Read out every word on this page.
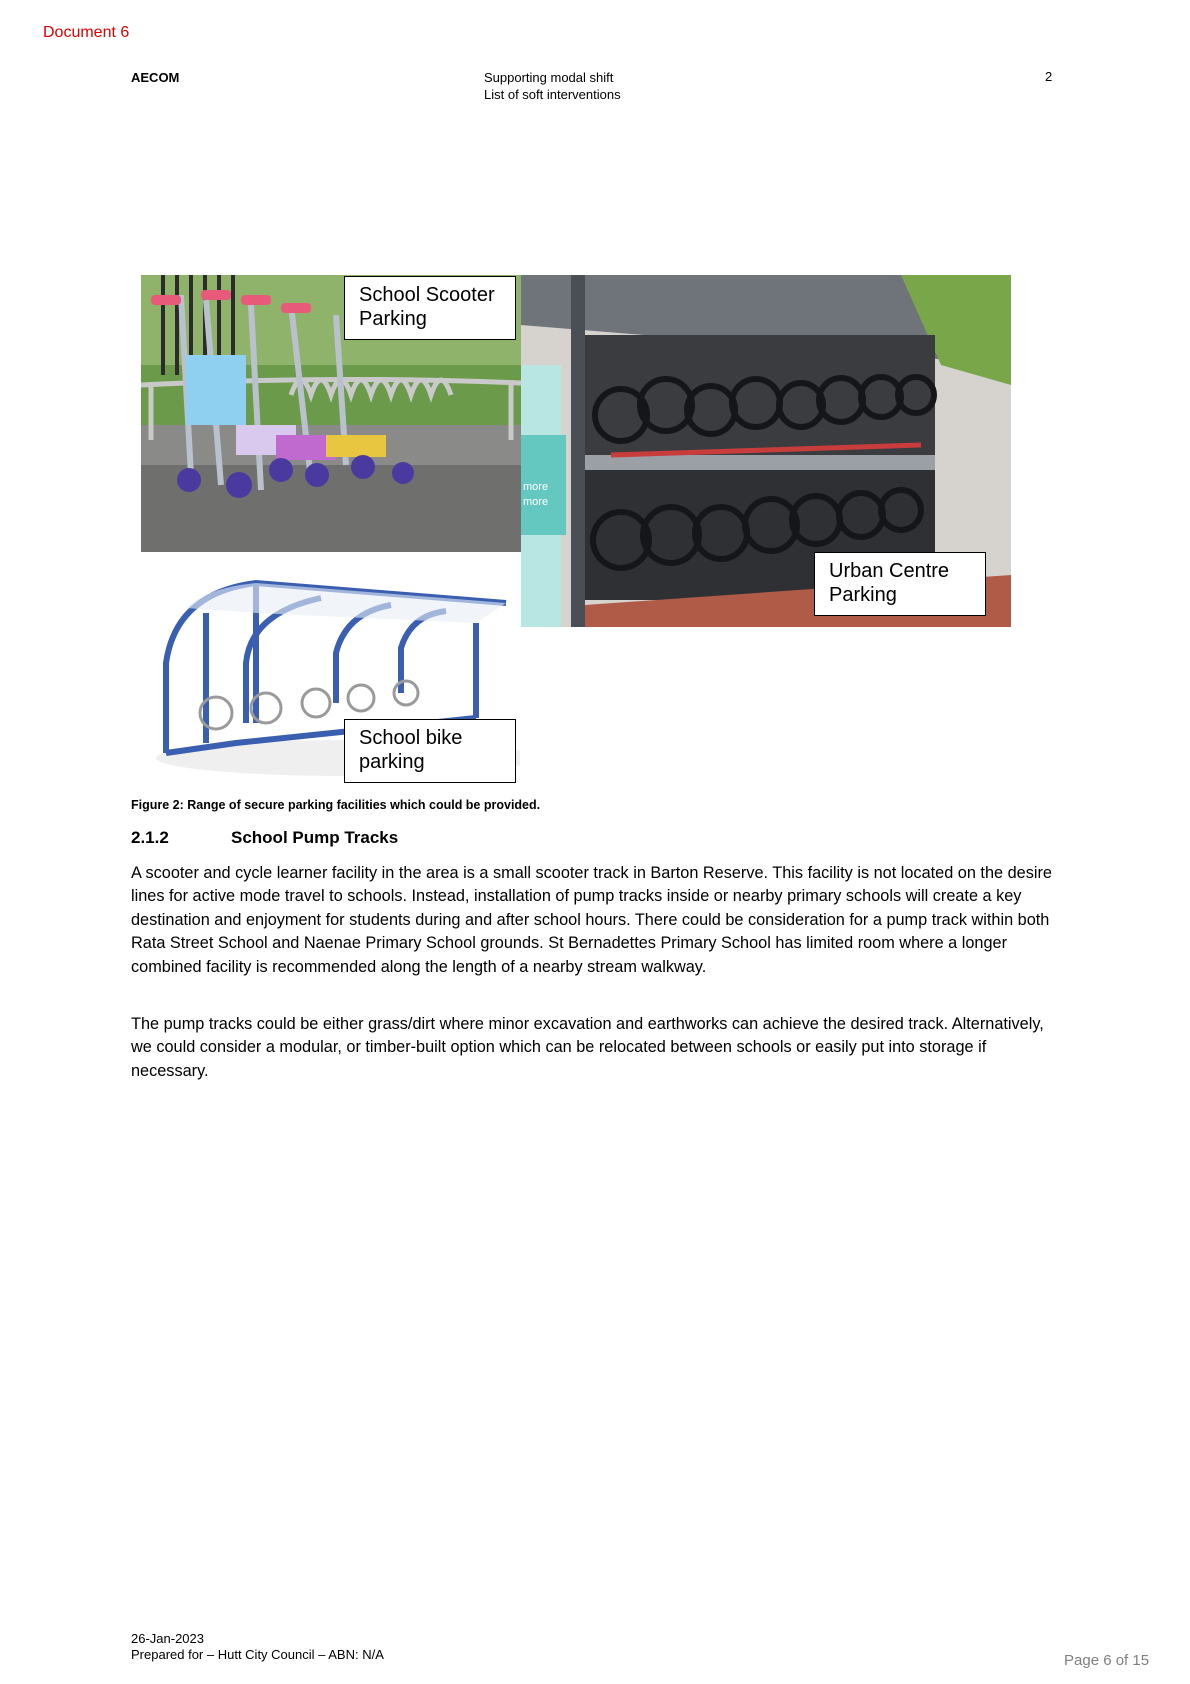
Document 6
AECOM	Supporting modal shift
List of soft interventions
2
more
more
Urban Centre
Parking
School bike
parking
School Scooter
Parking
Figure 2: Range of secure parking facilities which could be provided.
2.1.2	School Pump Tracks
A scooter and cycle learner facility in the area is a small scooter track in Barton Reserve. This facility is not located on the desire lines for active mode travel to schools. Instead, installation of pump tracks inside or nearby primary schools will create a key destination and enjoyment for students during and after school hours. There could be consideration for a pump track within both Rata Street School and Naenae Primary School grounds. St Bernadettes Primary School has limited room where a longer combined facility is recommended along the length of a nearby stream walkway.
The pump tracks could be either grass/dirt where minor excavation and earthworks can achieve the desired track. Alternatively, we could consider a modular, or timber-built option which can be relocated between schools or easily put into storage if necessary.
26-Jan-2023
Prepared for – Hutt City Council – ABN: N/A	Page 6 of 15
